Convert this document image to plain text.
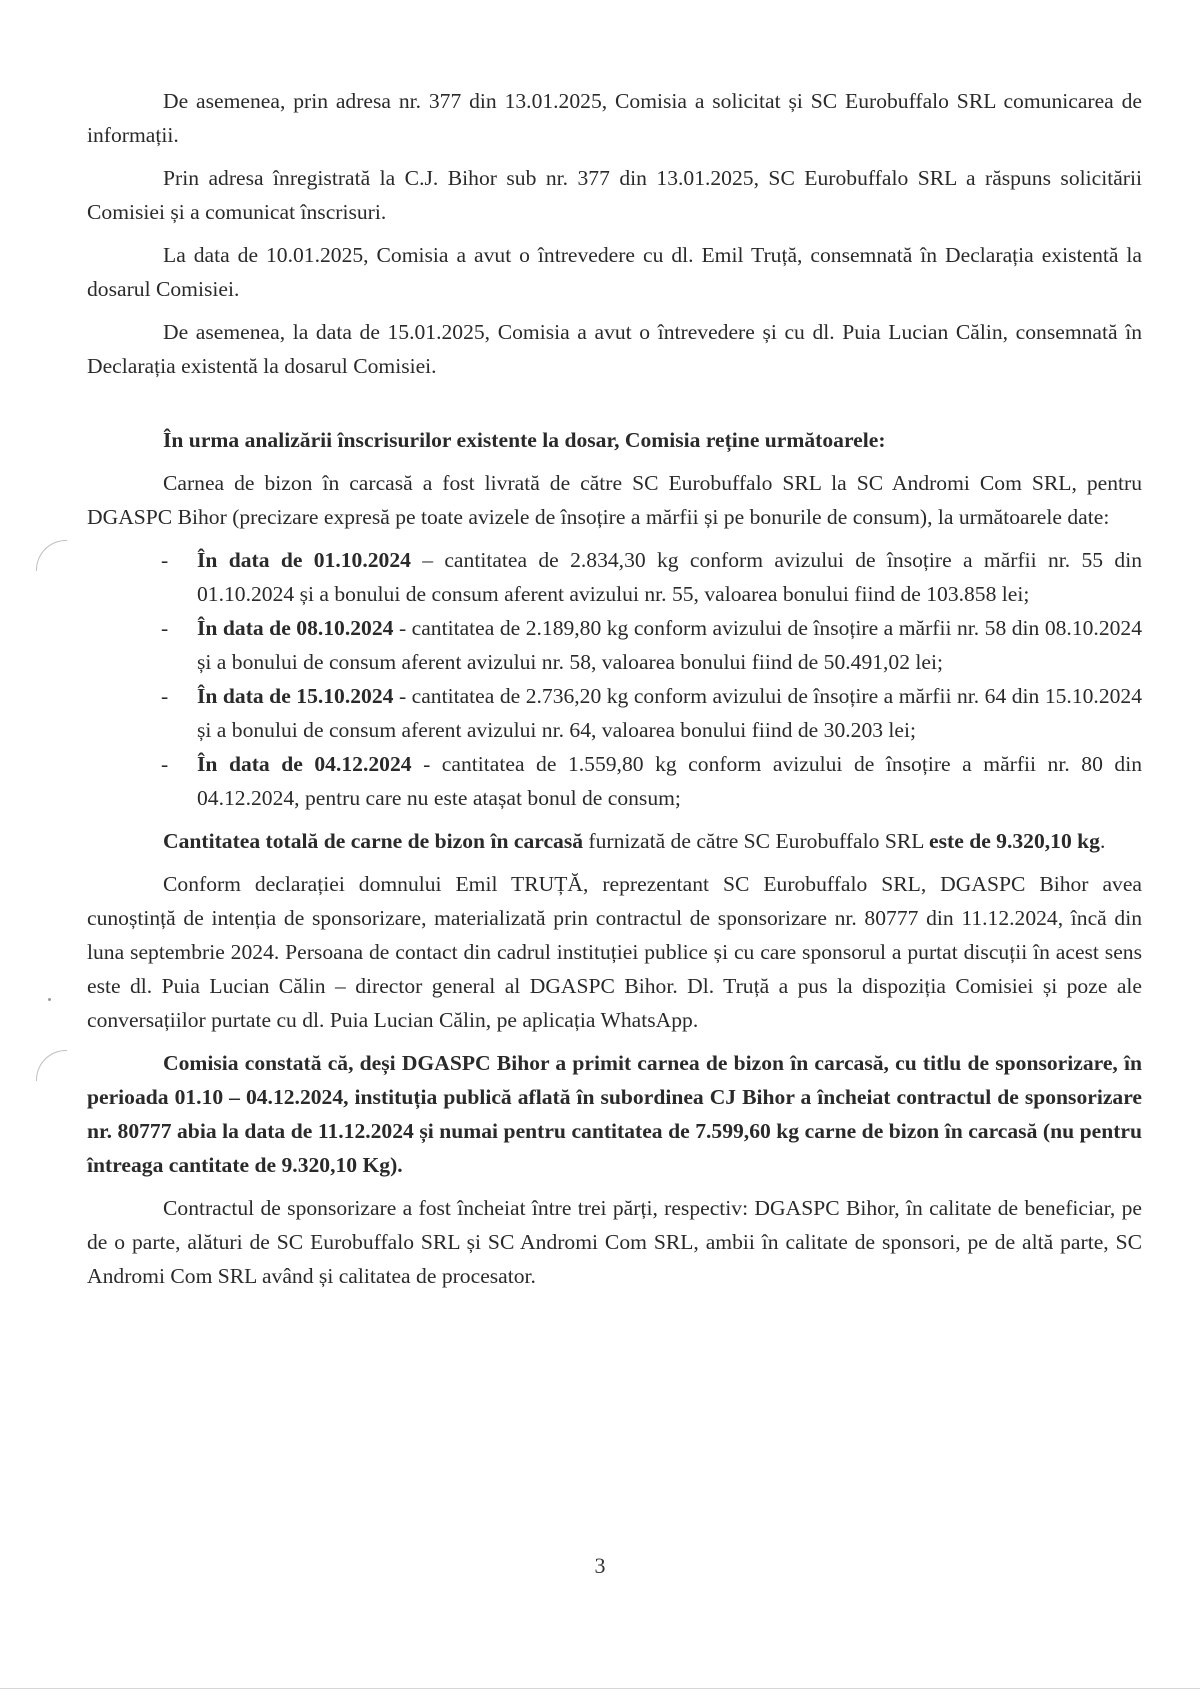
De asemenea, prin adresa nr. 377 din 13.01.2025, Comisia a solicitat și SC Eurobuffalo SRL comunicarea de informații.

Prin adresa înregistrată la C.J. Bihor sub nr. 377 din 13.01.2025, SC Eurobuffalo SRL a răspuns solicitării Comisiei și a comunicat înscrisuri.

La data de 10.01.2025, Comisia a avut o întrevedere cu dl. Emil Truță, consemnată în Declarația existentă la dosarul Comisiei.

De asemenea, la data de 15.01.2025, Comisia a avut o întrevedere și cu dl. Puia Lucian Călin, consemnată în Declarația existentă la dosarul Comisiei.

În urma analizării înscrisurilor existente la dosar, Comisia reține următoarele:

Carnea de bizon în carcasă a fost livrată de către SC Eurobuffalo SRL la SC Andromi Com SRL, pentru DGASPC Bihor (precizare expresă pe toate avizele de însoțire a mărfii și pe bonurile de consum), la următoarele date:

- În data de 01.10.2024 – cantitatea de 2.834,30 kg conform avizului de însoțire a mărfii nr. 55 din 01.10.2024 și a bonului de consum aferent avizului nr. 55, valoarea bonului fiind de 103.858 lei;
- În data de 08.10.2024 - cantitatea de 2.189,80 kg conform avizului de însoțire a mărfii nr. 58 din 08.10.2024 și a bonului de consum aferent avizului nr. 58, valoarea bonului fiind de 50.491,02 lei;
- În data de 15.10.2024 - cantitatea de 2.736,20 kg conform avizului de însoțire a mărfii nr. 64 din 15.10.2024 și a bonului de consum aferent avizului nr. 64, valoarea bonului fiind de 30.203 lei;
- În data de 04.12.2024 - cantitatea de 1.559,80 kg conform avizului de însoțire a mărfii nr. 80 din 04.12.2024, pentru care nu este atașat bonul de consum;

Cantitatea totală de carne de bizon în carcasă furnizată de către SC Eurobuffalo SRL este de 9.320,10 kg.

Conform declarației domnului Emil TRUȚĂ, reprezentant SC Eurobuffalo SRL, DGASPC Bihor avea cunoștință de intenția de sponsorizare, materializată prin contractul de sponsorizare nr. 80777 din 11.12.2024, încă din luna septembrie 2024. Persoana de contact din cadrul instituției publice și cu care sponsorul a purtat discuții în acest sens este dl. Puia Lucian Călin – director general al DGASPC Bihor. Dl. Truță a pus la dispoziția Comisiei și poze ale conversațiilor purtate cu dl. Puia Lucian Călin, pe aplicația WhatsApp.

Comisia constată că, deși DGASPC Bihor a primit carnea de bizon în carcasă, cu titlu de sponsorizare, în perioada 01.10 – 04.12.2024, instituția publică aflată în subordinea CJ Bihor a încheiat contractul de sponsorizare nr. 80777 abia la data de 11.12.2024 și numai pentru cantitatea de 7.599,60 kg carne de bizon în carcasă (nu pentru întreaga cantitate de 9.320,10 Kg).

Contractul de sponsorizare a fost încheiat între trei părți, respectiv: DGASPC Bihor, în calitate de beneficiar, pe de o parte, alături de SC Eurobuffalo SRL și SC Andromi Com SRL, ambii în calitate de sponsori, pe de altă parte, SC Andromi Com SRL având și calitatea de procesator.

3
